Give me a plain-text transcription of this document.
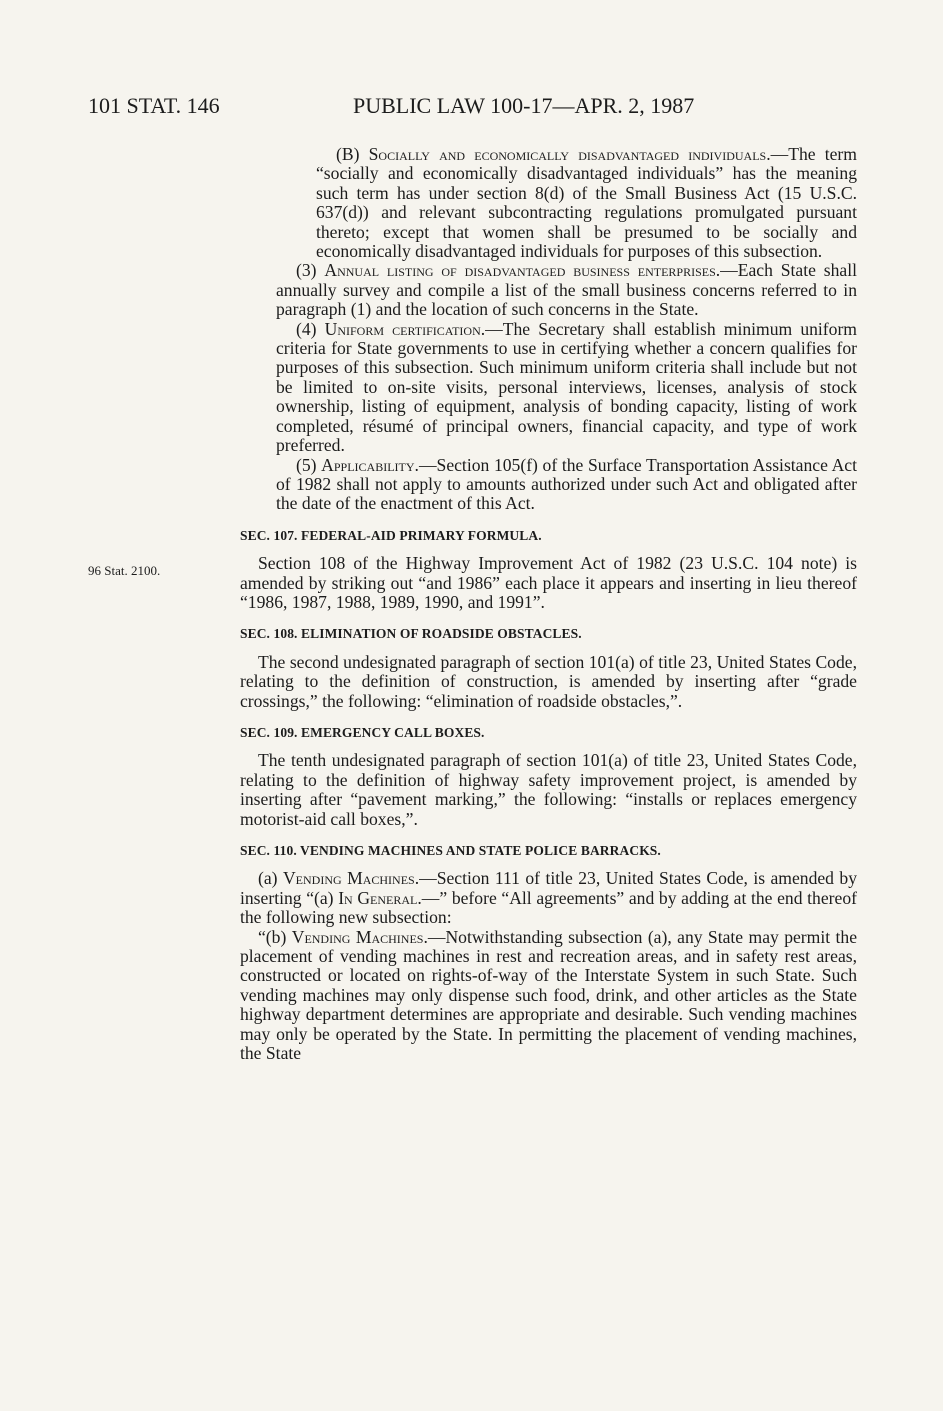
101 STAT. 146	PUBLIC LAW 100-17—APR. 2, 1987
96 Stat. 2100.

(B) Socially and economically disadvantaged individuals.—The term “socially and economically disadvantaged individuals” has the meaning such term has under section 8(d) of the Small Business Act (15 U.S.C. 637(d)) and relevant subcontracting regulations promulgated pursuant thereto; except that women shall be presumed to be socially and economically disadvantaged individuals for purposes of this subsection.

(3) Annual listing of disadvantaged business enterprises.—Each State shall annually survey and compile a list of the small business concerns referred to in paragraph (1) and the location of such concerns in the State.

(4) Uniform certification.—The Secretary shall establish minimum uniform criteria for State governments to use in certifying whether a concern qualifies for purposes of this subsection. Such minimum uniform criteria shall include but not be limited to on-site visits, personal interviews, licenses, analysis of stock ownership, listing of equipment, analysis of bonding capacity, listing of work completed, résumé of principal owners, financial capacity, and type of work preferred.

(5) Applicability.—Section 105(f) of the Surface Transportation Assistance Act of 1982 shall not apply to amounts authorized under such Act and obligated after the date of the enactment of this Act.

SEC. 107. FEDERAL-AID PRIMARY FORMULA.

Section 108 of the Highway Improvement Act of 1982 (23 U.S.C. 104 note) is amended by striking out “and 1986” each place it appears and inserting in lieu thereof “1986, 1987, 1988, 1989, 1990, and 1991”.

SEC. 108. ELIMINATION OF ROADSIDE OBSTACLES.

The second undesignated paragraph of section 101(a) of title 23, United States Code, relating to the definition of construction, is amended by inserting after “grade crossings,” the following: “elimination of roadside obstacles,”.

SEC. 109. EMERGENCY CALL BOXES.

The tenth undesignated paragraph of section 101(a) of title 23, United States Code, relating to the definition of highway safety improvement project, is amended by inserting after “pavement marking,” the following: “installs or replaces emergency motorist-aid call boxes,”.

SEC. 110. VENDING MACHINES AND STATE POLICE BARRACKS.

(a) Vending Machines.—Section 111 of title 23, United States Code, is amended by inserting “(a) In General.—” before “All agreements” and by adding at the end thereof the following new subsection:

“(b) Vending Machines.—Notwithstanding subsection (a), any State may permit the placement of vending machines in rest and recreation areas, and in safety rest areas, constructed or located on rights-of-way of the Interstate System in such State. Such vending machines may only dispense such food, drink, and other articles as the State highway department determines are appropriate and desirable. Such vending machines may only be operated by the State. In permitting the placement of vending machines, the State
